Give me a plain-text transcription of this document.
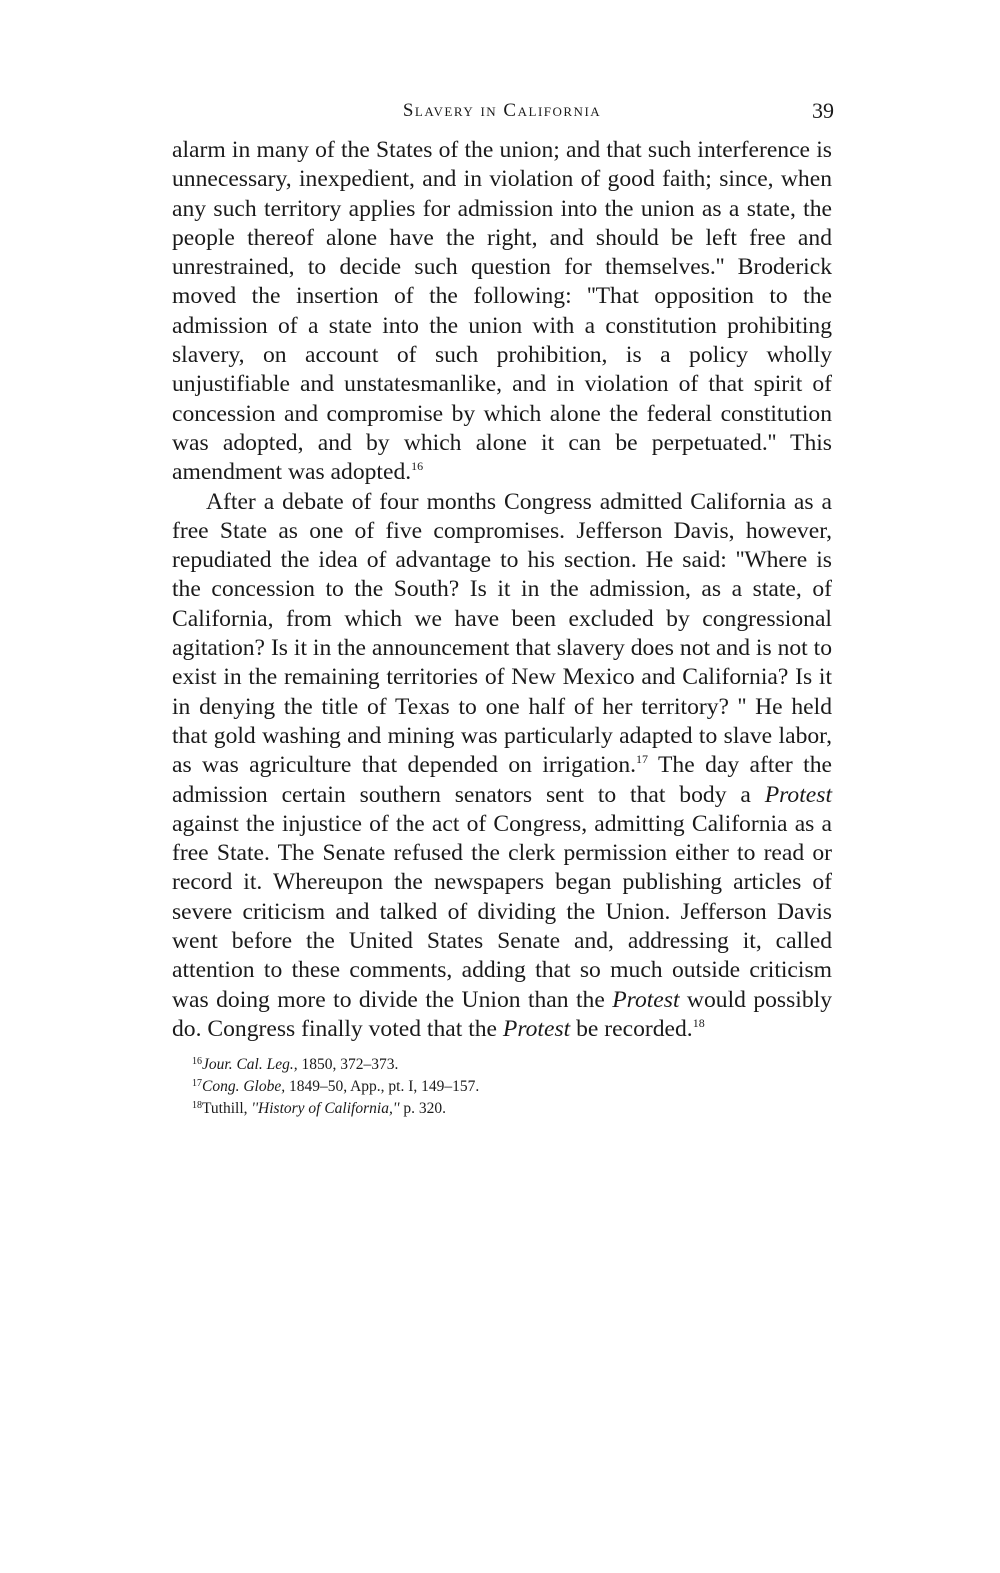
Slavery in California	39

alarm in many of the States of the union; and that such interference is unnecessary, inexpedient, and in violation of good faith; since, when any such territory applies for admission into the union as a state, the people thereof alone have the right, and should be left free and unrestrained, to decide such question for themselves.'' Broderick moved the insertion of the following: ''That opposition to the admission of a state into the union with a constitution prohibiting slavery, on account of such prohibition, is a policy wholly unjustifiable and unstatesmanlike, and in violation of that spirit of concession and compromise by which alone the federal constitution was adopted, and by which alone it can be perpetuated.'' This amendment was adopted.$^{16}$

After a debate of four months Congress admitted California as a free State as one of five compromises. Jefferson Davis, however, repudiated the idea of advantage to his section. He said: ''Where is the concession to the South? Is it in the admission, as a state, of California, from which we have been excluded by congressional agitation? Is it in the announcement that slavery does not and is not to exist in the remaining territories of New Mexico and California? Is it in denying the title of Texas to one half of her territory? '' He held that gold washing and mining was particularly adapted to slave labor, as was agriculture that depended on irrigation.$^{17}$ The day after the admission certain southern senators sent to that body a Protest against the injustice of the act of Congress, admitting California as a free State. The Senate refused the clerk permission either to read or record it. Whereupon the newspapers began publishing articles of severe criticism and talked of dividing the Union. Jefferson Davis went before the United States Senate and, addressing it, called attention to these comments, adding that so much outside criticism was doing more to divide the Union than the Protest would possibly do. Congress finally voted that the Protest be recorded.$^{18}$

$^{16}$Jour. Cal. Leg., 1850, 372–373.
$^{17}$Cong. Globe, 1849–50, App., pt. I, 149–157.
$^{18}$Tuthill, ''History of California,'' p. 320.
